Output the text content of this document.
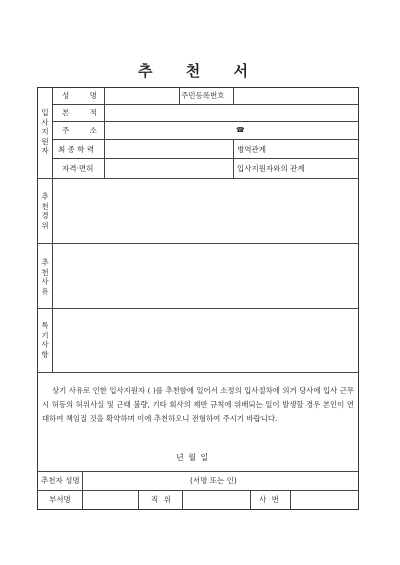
추 천 서
입사지원자
성 명	주민등록번호
본 적
주 소	☎
최 종 학 력	병역관계
자격·면허	입사지원자와의 관계
추천경위
추천사유
특기사항
상기 사유로 인한 입사지원자 ( )를 추천함에 있어서 소정의 입사절차에 의거 당사에 입사 근무 시 허등의 허위사실 및 근태 불량, 기타 회사의 제반 규칙에 위배되는 일이 발생할 경우 본인이 연대하여 책임질 것을 확약하며 이에 추천하오니 전형하여 주시기 바랍니다.
년 월 일
추천자 성명	(서명 또는 인)
부서명	직 위	사 번
